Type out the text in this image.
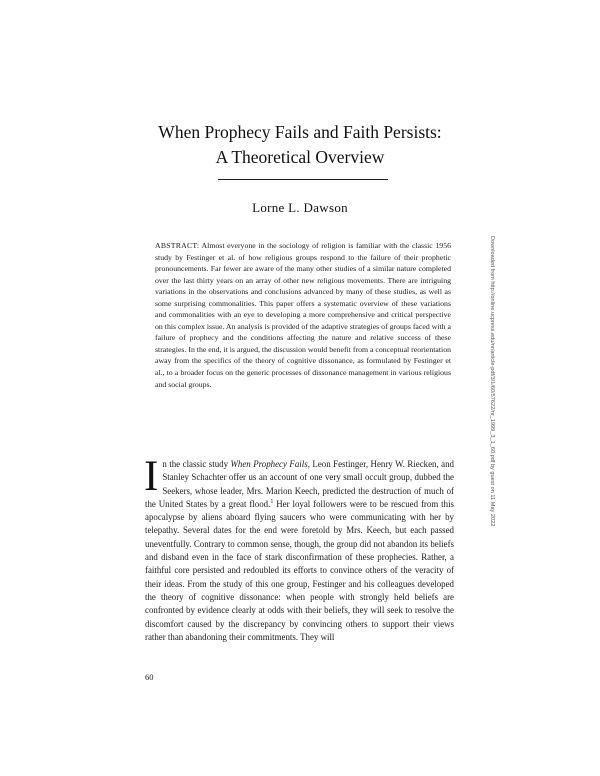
When Prophecy Fails and Faith Persists:
A Theoretical Overview
Lorne L. Dawson
ABSTRACT: Almost everyone in the sociology of religion is familiar with the classic 1956 study by Festinger et al. of how religious groups respond to the failure of their prophetic pronouncements. Far fewer are aware of the many other studies of a similar nature completed over the last thirty years on an array of other new religious movements. There are intriguing variations in the observations and conclusions advanced by many of these studies, as well as some surprising commonalities. This paper offers a systematic overview of these variations and commonalities with an eye to developing a more comprehensive and critical perspective on this complex issue. An analysis is provided of the adaptive strategies of groups faced with a failure of prophecy and the conditions affecting the nature and relative success of these strategies. In the end, it is argued, the discussion would benefit from a conceptual reorientation away from the specifics of the theory of cognitive dissonance, as formulated by Festinger et al., to a broader focus on the generic processes of dissonance management in various religious and social groups.
In the classic study When Prophecy Fails, Leon Festinger, Henry W. Riecken, and Stanley Schachter offer us an account of one very small occult group, dubbed the Seekers, whose leader, Mrs. Marion Keech, predicted the destruction of much of the United States by a great flood.$^1$ Her loyal followers were to be rescued from this apocalypse by aliens aboard flying saucers who were communicating with her by telepathy. Several dates for the end were foretold by Mrs. Keech, but each passed uneventfully. Contrary to common sense, though, the group did not abandon its beliefs and disband even in the face of stark disconfirmation of these prophecies. Rather, a faithful core persisted and redoubled its efforts to convince others of the veracity of their ideas. From the study of this one group, Festinger and his colleagues developed the theory of cognitive dissonance: when people with strongly held beliefs are confronted by evidence clearly at odds with their beliefs, they will seek to resolve the discomfort caused by the discrepancy by convincing others to support their views rather than abandoning their commitments. They will
60
Downloaded from http://online.ucpress.edu/nr/article-pdf/3/1/60/57622/nr_1999_3_1_60.pdf by guest on 11 May 2022
